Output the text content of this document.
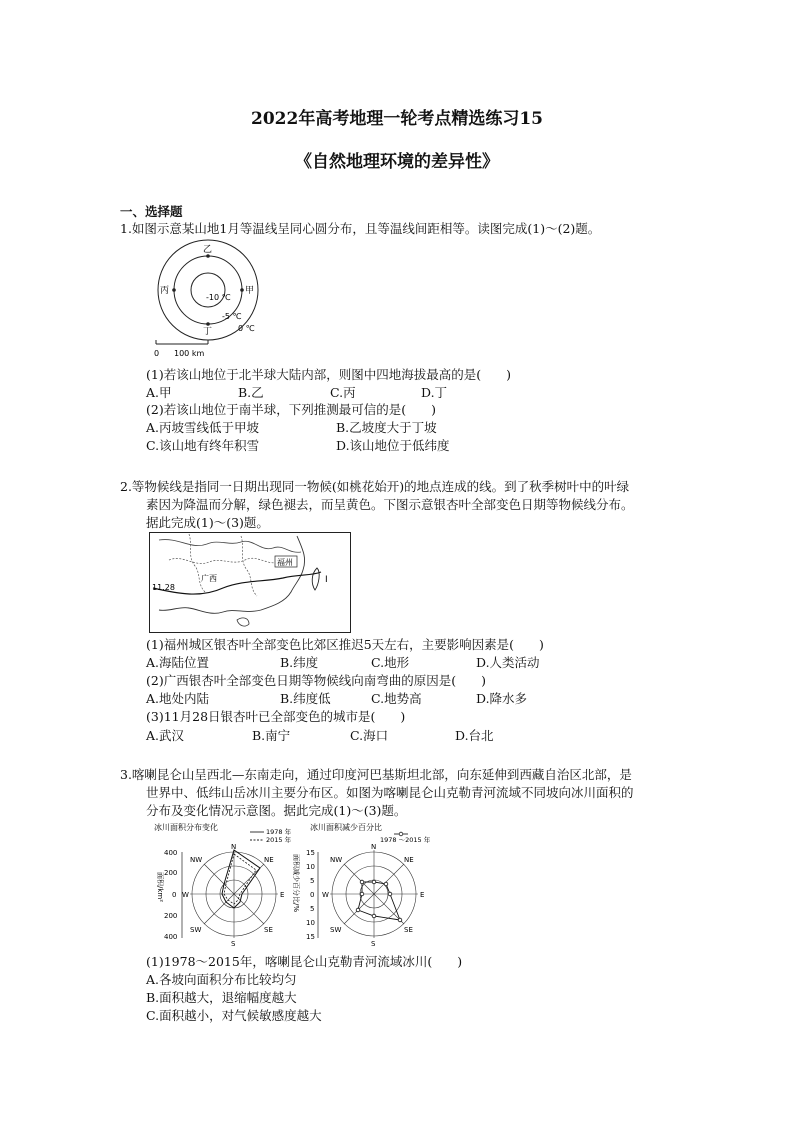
2022年高考地理一轮考点精选练习15
《自然地理环境的差异性》
一、选择题
1.如图示意某山地1月等温线呈同心圆分布，且等温线间距相等。读图完成(1)～(2)题。
乙
丙	甲
丁
-10 ℃
-5 ℃
0 ℃
0 100 km
(1)若该山地位于北半球大陆内部，则图中四地海拔最高的是(　　)
A.甲	B.乙	C.丙	D.丁
(2)若该山地位于南半球，下列推测最可信的是(　　)
A.丙坡雪线低于甲坡	B.乙坡度大于丁坡
C.该山地有终年积雪	D.该山地位于低纬度
2.等物候线是指同一日期出现同一物候(如桃花始开)的地点连成的线。到了秋季树叶中的叶绿
素因为降温而分解，绿色褪去，而呈黄色。下图示意银杏叶全部变色日期等物候线分布。
据此完成(1)～(3)题。
福州
广西
11.28
I
(1)福州城区银杏叶全部变色比郊区推迟5天左右，主要影响因素是(　　)
A.海陆位置	B.纬度	C.地形	D.人类活动
(2)广西银杏叶全部变色日期等物候线向南弯曲的原因是(　　)
A.地处内陆	B.纬度低	C.地势高	D.降水多
(3)11月28日银杏叶已全部变色的城市是(　　)
A.武汉	B.南宁	C.海口	D.台北
3.喀喇昆仑山呈西北—东南走向，通过印度河巴基斯坦北部，向东延伸到西藏自治区北部，是
世界中、低纬山岳冰川主要分布区。如图为喀喇昆仑山克勒青河流域不同坡向冰川面积的
分布及变化情况示意图。据此完成(1)～(3)题。
冰川面积分布变化	1978 年
2015 年
面积/km²
400
200
0
200
400
N
NE
E
SE
S
SW
W
NW
冰川面积减少百分比
1978 ～2015 年
面积减少百分比/%
15
10
5
0
5
10
15
N
NE
E
SE
S
SW
W
NW
(1)1978～2015年，喀喇昆仑山克勒青河流域冰川(　　)
A.各坡向面积分布比较均匀
B.面积越大，退缩幅度越大
C.面积越小，对气候敏感度越大
